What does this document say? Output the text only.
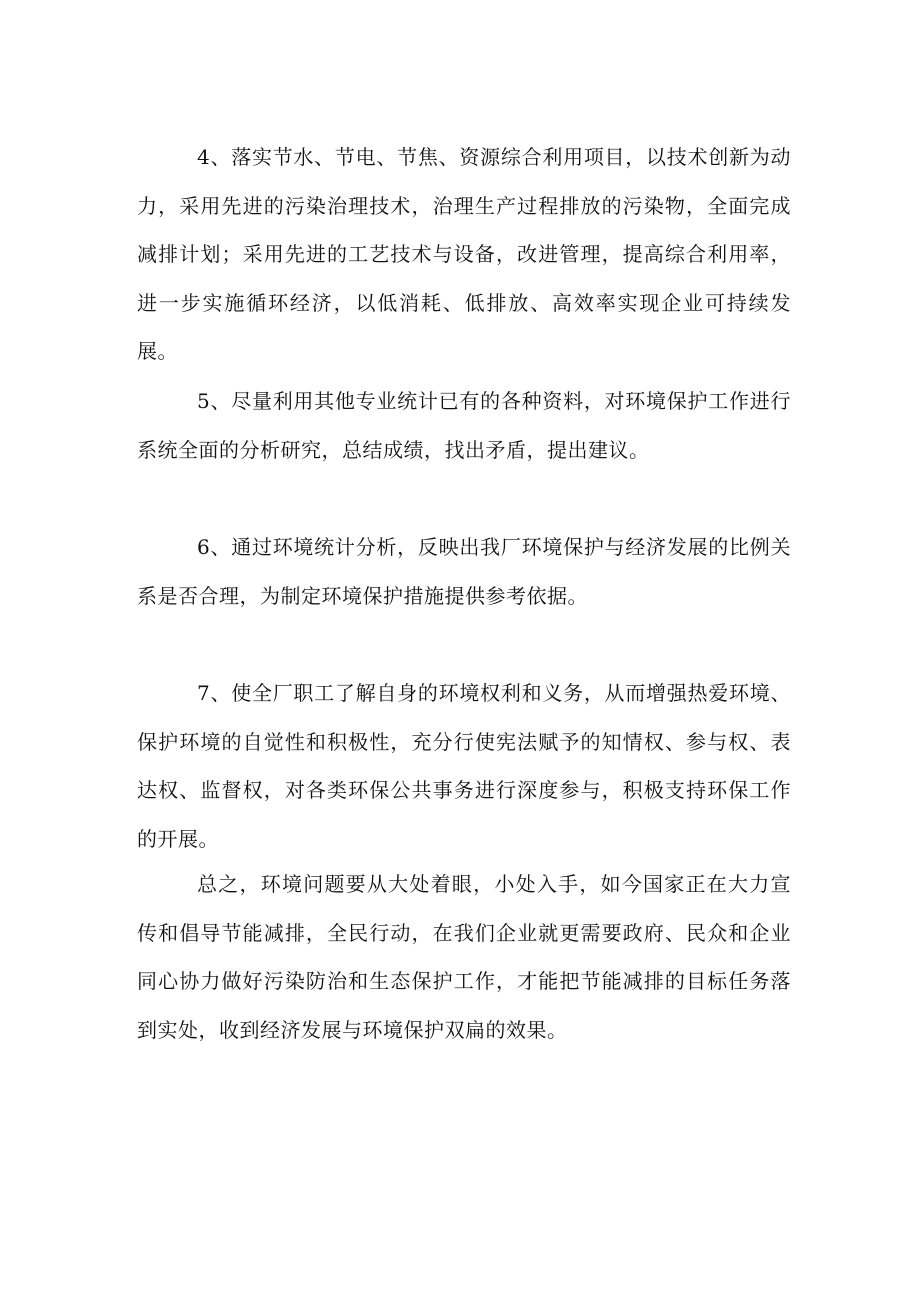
4、落实节水、节电、节焦、资源综合利用项目，以技术创新为动力，采用先进的污染治理技术，治理生产过程排放的污染物，全面完成减排计划；采用先进的工艺技术与设备，改进管理，提高综合利用率，进一步实施循环经济，以低消耗、低排放、高效率实现企业可持续发展。

5、尽量利用其他专业统计已有的各种资料，对环境保护工作进行系统全面的分析研究，总结成绩，找出矛盾，提出建议。

6、通过环境统计分析，反映出我厂环境保护与经济发展的比例关系是否合理，为制定环境保护措施提供参考依据。

7、使全厂职工了解自身的环境权利和义务，从而增强热爱环境、保护环境的自觉性和积极性，充分行使宪法赋予的知情权、参与权、表达权、监督权，对各类环保公共事务进行深度参与，积极支持环保工作的开展。

总之，环境问题要从大处着眼，小处入手，如今国家正在大力宣传和倡导节能减排，全民行动，在我们企业就更需要政府、民众和企业同心协力做好污染防治和生态保护工作，才能把节能减排的目标任务落到实处，收到经济发展与环境保护双扁的效果。
